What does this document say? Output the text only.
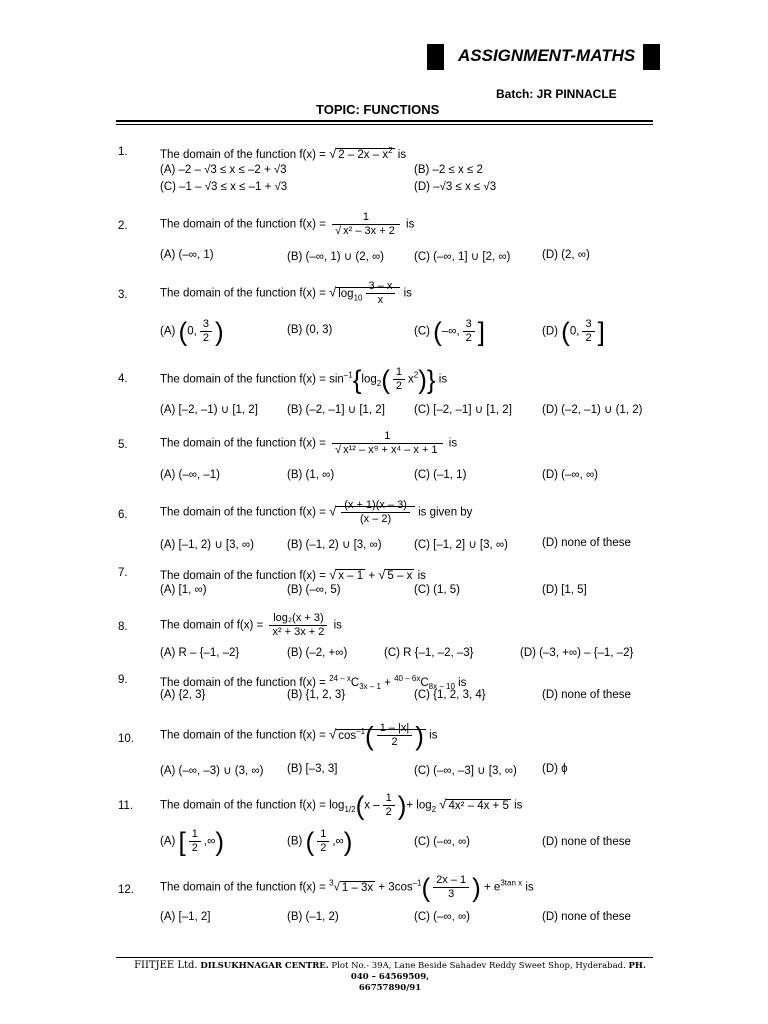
ASSIGNMENT-MATHS
Batch: JR PINNACLE
TOPIC: FUNCTIONS
1.	The domain of the function f(x) = √ $2 - 2x - x^2$ is
(A) –2 – √3 ≤ x ≤ –2 + √3	(B) –2 ≤ x ≤ 2
(C) –1 – √3 ≤ x ≤ –1 + √3	(D) –√3 ≤ x ≤ √3
2.	The domain of the function $f(x) = \frac{1}{\text{√ x² – 3x + 2}}$ is
(A) (–∞, 1)	(B) (–∞, 1) ∪ (2, ∞)	(C) (–∞, 1] ∪ [2, ∞)	(D) (2, ∞)
3.	The domain of the function f(x) = √ $\log_{10} \frac{3 - x}{x}$ is
(A) (0, $\frac{3}{2}$ )	(B) (0, 3)	(C) (–∞, $\frac{3}{2}$ ]	(D) (0, $\frac{3}{2}$ ]
4.	The domain of the function $f(x) = \sin^{-1}\{\log_2( \frac{1}{2} x^2)\}$ is
(A) [–2, –1) ∪ [1, 2]	(B) (–2, –1] ∪ [1, 2]	(C) [–2, –1] ∪ [1, 2]	(D) (–2, –1) ∪ (1, 2)
5.	The domain of the function $f(x) = \frac{1}{\text{√ x¹² – x⁹ + x⁴ – x + 1}}$ is
(A) (–∞, –1)	(B) (1, ∞)	(C) (–1, 1)	(D) (–∞, ∞)
6.	The domain of the function f(x) = √ $\frac{(x + 1)(x - 3)}{(x - 2)}$ is given by
(A) [–1, 2) ∪ [3, ∞)	(B) (–1, 2) ∪ [3, ∞)	(C) [–1, 2] ∪ [3, ∞)	(D) none of these
7.	The domain of the function f(x) = √ x – 1 + √ 5 – x is
(A) [1, ∞)	(B) (–∞, 5)	(C) (1, 5)	(D) [1, 5]
8.	The domain of $f(x) = \frac{\text{log₂(x + 3)}}{\text{x² + 3x + 2}}$ is
(A) R – {–1, –2}	(B) (–2, +∞)	(C) R {–1, –2, –3}	(D) (–3, +∞) – {–1, –2}
9.	The domain of the function $f(x) = ^{24 - x}C_{3x - 1} + ^{40 - 6x}C_{8x - 10}$ is
(A) {2, 3}	(B) {1, 2, 3}	(C) {1, 2, 3, 4}	(D) none of these
10. The domain of the function f(x) = √ $\cos^{-1}( \frac{1 - |x|}{2}$ ) is
(A) (–∞, –3) ∪ (3, ∞) (B) [–3, 3]	(C) (–∞, –3] ∪ [3, ∞) (D) ϕ
11. The domain of the function $f(x) = \log_{1/2}(x - \frac{1}{2}$ )+ $\log_2$ √ 4x² – 4x + 5 is
(A) [ $\frac{1}{2}$ ,∞)	(B) ( $\frac{1}{2}$ ,∞)	(C) (–∞, ∞)	(D) none of these
12. The domain of the function f(x) = $^3$√ $1 - 3x + 3\cos^{-1}( \frac{2x - 1}{3}$ ) + $e^{3tan x}$ is
(A) [–1, 2]	(B) (–1, 2)	(C) (–∞, ∞)	(D) none of these
FIITJEE Ltd. DILSUKHNAGAR CENTRE. Plot No.- 39A, Lane Beside Sahadev Reddy Sweet Shop, Hyderabad. PH. 040 – 64569509,
66757890/91
